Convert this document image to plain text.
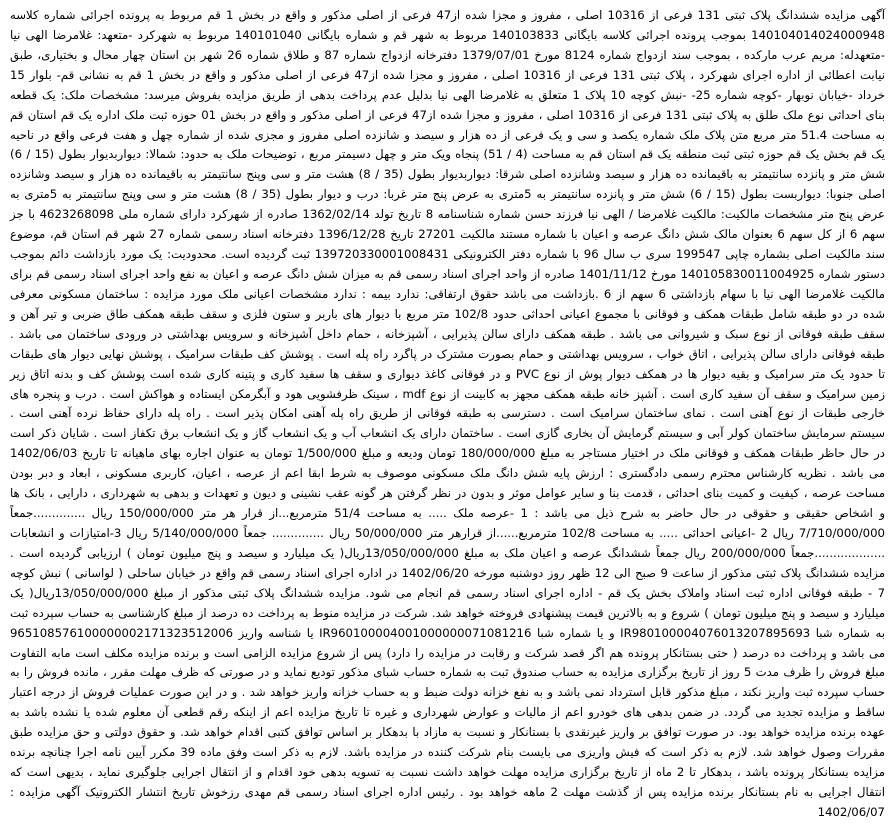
آگهی مزایده ششدانگ پلاک ثبتی 131 فرعی از 10316 اصلی ، مفروز و مجزا شده از47 فرعی از اصلی مذکور و واقع در بخش 1 قم مربوط به پرونده اجرائی شماره کلاسه 140104014024000948 بموجب پرونده اجرائی کلاسه بایگانی 140103833 مربوط به شهر قم و شماره بایگانی 140101040 مربوط به شهرکرد -متعهد: غلامرضا الهی نیا -متعهدله: مریم عرب مارکده ، بموجب سند ازدواج شماره 8124 مورخ 1379/07/01 دفترخانه ازدواج شماره 87 و طلاق شماره 26 شهر بن استان چهار محال و بختیاری، طبق نیابت اعطائی از اداره اجرای شهرکرد ، پلاک ثبتی 131 فرعی از 10316 اصلی ، مفروز و مجزا شده از47 فرعی از اصلی مذکور و واقع در بخش 1 قم به نشانی قم- بلوار 15 خرداد -خیابان نوبهار -کوچه شماره 25- -نبش کوچه 10 پلاک 1 متعلق به غلامرضا الهی نیا بدلیل عدم پرداخت بدهی از طریق مزایده بفروش میرسد: مشخصات ملک: یک قطعه بنای احداثی نوع ملک طلق به پلاک ثبتی 131 فرعی از 10316 اصلی ، مفروز و مجزا شده از47 فرعی از اصلی مذکور و واقع در بخش 01 حوزه ثبت ملک اداره یک قم استان قم به مساحت 51.4 متر مربع متن پلاک ملک شماره یکصد و سی و یک فرعی از ده هزار و سیصد و شانزده اصلی مفروز و مجزی شده از شماره چهل و هفت فرعی واقع در ناحیه یک قم بخش یک قم حوزه ثبتی ثبت منطقه یک قم استان قم به مساحت (4 / 51) پنجاه ویک متر و چهل دسیمتر مربع ، توضیحات ملک به حدود: شمالا: دیواربدیوار بطول (15 / 6) شش متر و پانزده سانتیمتر به باقیمانده ده هزار و سیصد وشانزده اصلی شرقا: دیواربدیوار بطول (35 / 8) هشت متر و سی وپنج سانتیمتر به باقیمانده ده هزار و سیصد وشانزده اصلی جنوبا: دیواربست بطول (15 / 6) شش متر و پانزده سانتیمتر به 5متری به عرض پنج متر غربا: درب و دیوار بطول (35 / 8) هشت متر و سی وپنج سانتیمتر به 5متری به عرض پنج متر مشخصات مالکیت: مالکیت غلامرضا / الهی نیا فرزند حسن شماره شناسنامه 8 تاریخ تولد 1362/02/14 صادره از شهرکرد دارای شماره ملی 4623268098 با جز سهم 6 از کل سهم 6 بعنوان مالک شش دانگ عرصه و اعیان با شماره مستند مالکیت 27201 تاریخ 1396/12/28 دفترخانه اسناد رسمی شماره 27 شهر قم استان قم، موضوع سند مالکیت اصلی بشماره چاپی 199547 سری ب سال 96 با شماره دفتر الکترونیکی 139720330001008431 ثبت گردیده است. محدودیت: یک مورد بازداشت دائم بموجب دستور شماره 140105830011004925 مورخ 1401/11/12 صادره از واحد اجرای اسناد رسمی قم به میزان شش دانگ عرصه و اعیان به نفع واحد اجرای اسناد رسمی قم برای مالکیت غلامرضا الهی نیا با سهام بازداشتی 6 سهم از 6 .بازداشت می باشد حقوق ارتفاقی: ندارد بیمه : ندارد مشخصات اعیانی ملک مورد مزایده : ساختمان مسکونی معرفی شده در دو طبقه شامل طبقات همکف و فوقانی با مجموع اعیانی احداثی حدود 102/8 متر مربع با دیوار های باربر و ستون فلزی و سقف طبقه همکف طاق ضربی و تیر آهن و سقف طبقه فوقانی از نوع سبک و شیروانی می باشد . طبقه همکف دارای سالن پذیرایی ، آشپزخانه ، حمام داخل آشپزخانه و سرویس بهداشتی در ورودی ساختمان می باشد . طبقه فوقانی دارای سالن پذیرایی ، اتاق خواب ، سرویس بهداشتی و حمام بصورت مشترک در پاگرد راه پله است . پوشش کف طبقات سرامیک ، پوشش نهایی دیوار های طبقات تا حدود یک متر سرامیک و بقیه دیوار ها در همکف دیوار پوش از نوع PVC و در فوقانی کاغذ دیواری و سقف ها سفید کاری و پتینه کاری شده است پوشش کف و بدنه اتاق زیر زمین سرامیک و سقف آن سفید کاری است . آشپز خانه طبقه همکف مجهز به کابینت از نوع mdf ، سینک ظرفشویی هود و آبگرمکن ایستاده و هواکش است . درب و پنجره های خارجی طبقات از نوع آهنی است . نمای ساختمان سرامیک است . دسترسی به طبقه فوقانی از طریق راه پله آهنی امکان پذیر است . راه پله دارای حفاظ نرده آهنی است . سیستم سرمایش ساختمان کولر آبی و سیستم گرمایش آن بخاری گازی است . ساختمان دارای یک انشعاب آب و یک انشعاب گاز و یک انشعاب برق تکفاز است . شایان ذکر است در حال حاظر طبقات همکف و فوقانی ملک در اختیار مستاجر به مبلغ 180/000/000 تومان ودیعه و مبلغ 1/500/000 تومان به عنوان اجاره بهای ماهیانه تا تاریخ 1402/06/03 می باشد . نظریه کارشناس محترم رسمی دادگستری : ارزش پایه شش دانگ ملک مسکونی موصوف به شرط ابقا اعم از عرصه ، اعیان، کاربری مسکونی ، ابعاد و دبر بودن مساحت عرصه ، کیفیت و کمیت بنای احداثی ، قدمت بنا و سایر عوامل موثر و بدون در نظر گرفتن هر گونه عقب نشینی و دیون و تعهدات و بدهی به شهرداری ، دارایی ، بانک ها و اشخاص حقیقی و حقوقی در حال حاضر به شرح ذیل می باشد : 1 -عرصه ملک ..... به مساحت 51/4 مترمربع...از قرار هر متر 150/000/000 ریال ..............جمعاً 7/710/000/000 ریال 2 -اعیانی احداثی ..... به مساحت 102/8 مترمربع......از قرارهر متر 50/000/000 ریال .............. جمعاً 5/140/000/000 ریال 3-امتیازات و انشعابات ...................جمعاً 200/000/000 ریال جمعاً ششدانگ عرصه و اعیان ملک به مبلغ 13/050/000/000ریال( یک میلیارد و سیصد و پنج میلیون تومان ) ارزیابی گردیده است . مزایده ششدانگ پلاک ثبتی مذکور از ساعت 9 صبح الی 12 ظهر روز دوشنبه مورخه 1402/06/20 در اداره اجرای اسناد رسمی قم واقع در خیابان ساحلی ( لواسانی ) نبش کوچه 7 - طبقه فوقانی اداره ثبت اسناد واملاک بخش یک قم - اداره اجرای اسناد رسمی قم انجام می شود. مزایده ششدانگ پلاک ثبتی مذکور از مبلغ 13/050/000/000ریال( یک میلیارد و سیصد و پنج میلیون تومان ) شروع و به بالاترین قیمت پیشنهادی فروخته خواهد شد. شرکت در مزایده منوط به پرداخت ده درصد از مبلغ کارشناسی به حساب سپرده ثبت به شماره شبا IR980100004076013207895693 و یا شماره شبا IR960100004001000000071081216 یا شناسه واریز 965108576100000002171323512006 می باشد و پرداخت ده درصد ( حتی بستانکار پرونده هم اگر قصد شرکت و رقابت در مزایده را دارد) پس از شروع مزایده الزامی است و برنده مزایده مکلف است مابه التفاوت مبلغ فروش را ظرف مدت 5 روز از تاریخ برگزاری مزایده به حساب صندوق ثبت به شماره حساب شبای مذکور تودیع نماید و در صورتی که ظرف مهلت مقرر ، مانده فروش را به حساب سپرده ثبت واریز نکند ، مبلغ مذکور قابل استرداد نمی باشد و به نفع خزانه دولت ضبط و به حساب خزانه واریز خواهد شد . و در این صورت عملیات فروش از درجه اعتبار ساقط و مزایده تجدید می گردد. در ضمن بدهی های خودرو اعم از مالیات و عوارض شهرداری و غیره تا تاریخ مزایده اعم از اینکه رقم قطعی آن معلوم شده یا نشده باشد به عهده برنده مزایده خواهد بود. در صورت توافق بر واریز غیرنقدی با بستانکار و نسبت به مازاد با بدهکار بر اساس توافق کتبی اقدام خواهد شد. و حقوق دولتی و حق مزایده طبق مقررات وصول خواهد شد. لازم به ذکر است که فیش واریزی می بایست بنام شرکت کننده در مزایده باشد. لازم به ذکر است وفق ماده 39 مکرر آیین نامه اجرا چنانچه برنده مزایده بستانکار پرونده باشد ، بدهکار تا 2 ماه از تاریخ برگزاری مزایده مهلت خواهد داشت نسبت به تسویه بدهی خود اقدام و از انتقال اجرایی جلوگیری نماید ، بدیهی است که انتقال اجرایی به نام بستانکار برنده مزایده پس از گذشت مهلت 2 ماهه خواهد بود . رئیس اداره اجرای اسناد رسمی قم مهدی رزخوش تاریخ انتشار الکترونیک آگهی مزایده : 1402/06/07
